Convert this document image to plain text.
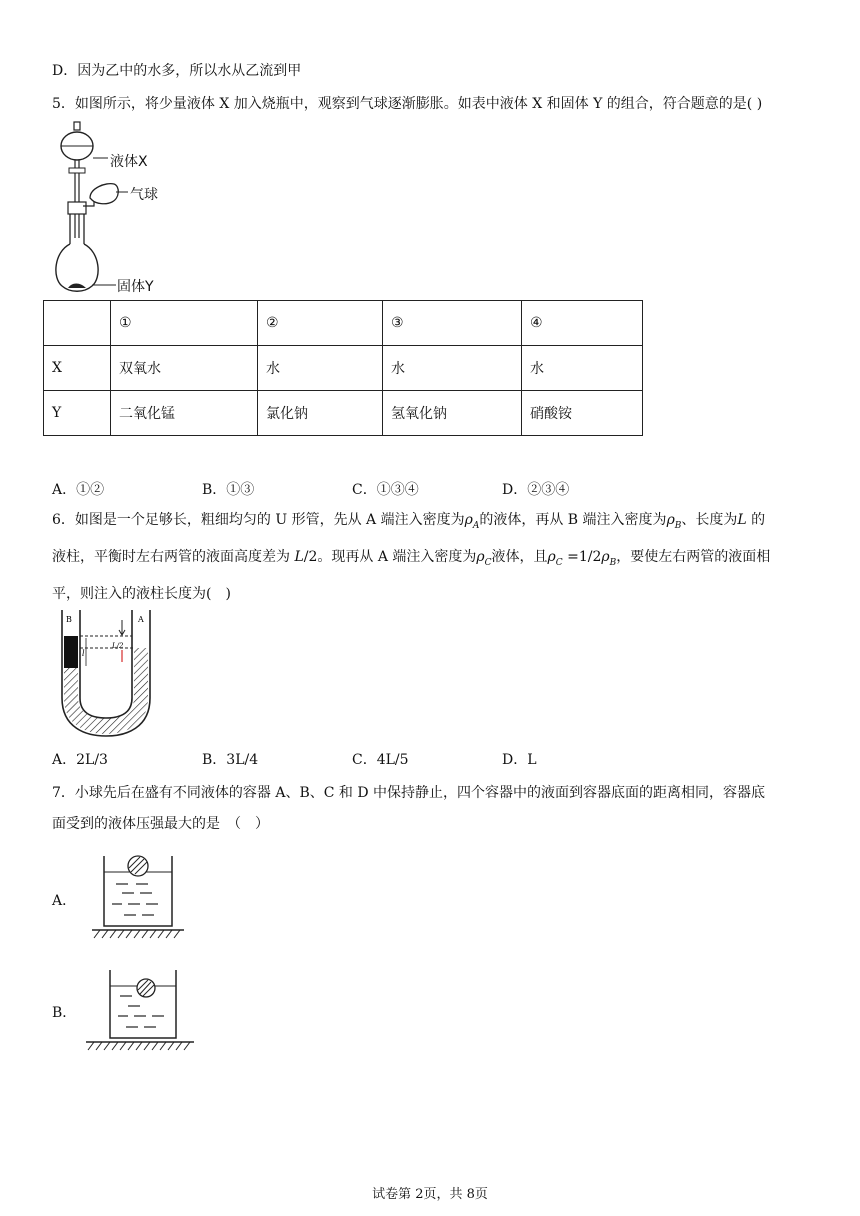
D．因为乙中的水多，所以水从乙流到甲
5．如图所示，将少量液体 X 加入烧瓶中，观察到气球逐渐膨胀。如表中液体 X 和固体 Y 的组合，符合题意的是( )
液体X
气球
固体Y
	①	②	③	④
X	双氧水	水	水	水
Y	二氧化锰	氯化钠	氢氧化钠	硝酸铵
A．①②	B．①③	C．①③④	D．②③④
6．如图是一个足够长，粗细均匀的 U 形管，先从 A 端注入密度为$\rho_A$的液体，再从 B 端注入密度为$\rho_B$、长度为L 的
液柱，平衡时左右两管的液面高度差为 L/2。现再从 A 端注入密度为$\rho_C$液体，且$\rho_C =1/2\rho_B$，要使左右两管的液面相
平，则注入的液柱长度为(　)
B	A
l
L/2
A．2L/3	B．3L/4	C．4L/5	D．L
7．小球先后在盛有不同液体的容器 A、B、C 和 D 中保持静止，四个容器中的液面到容器底面的距离相同，容器底
面受到的液体压强最大的是　（　）
A．
B．
试卷第 2页，共 8页
